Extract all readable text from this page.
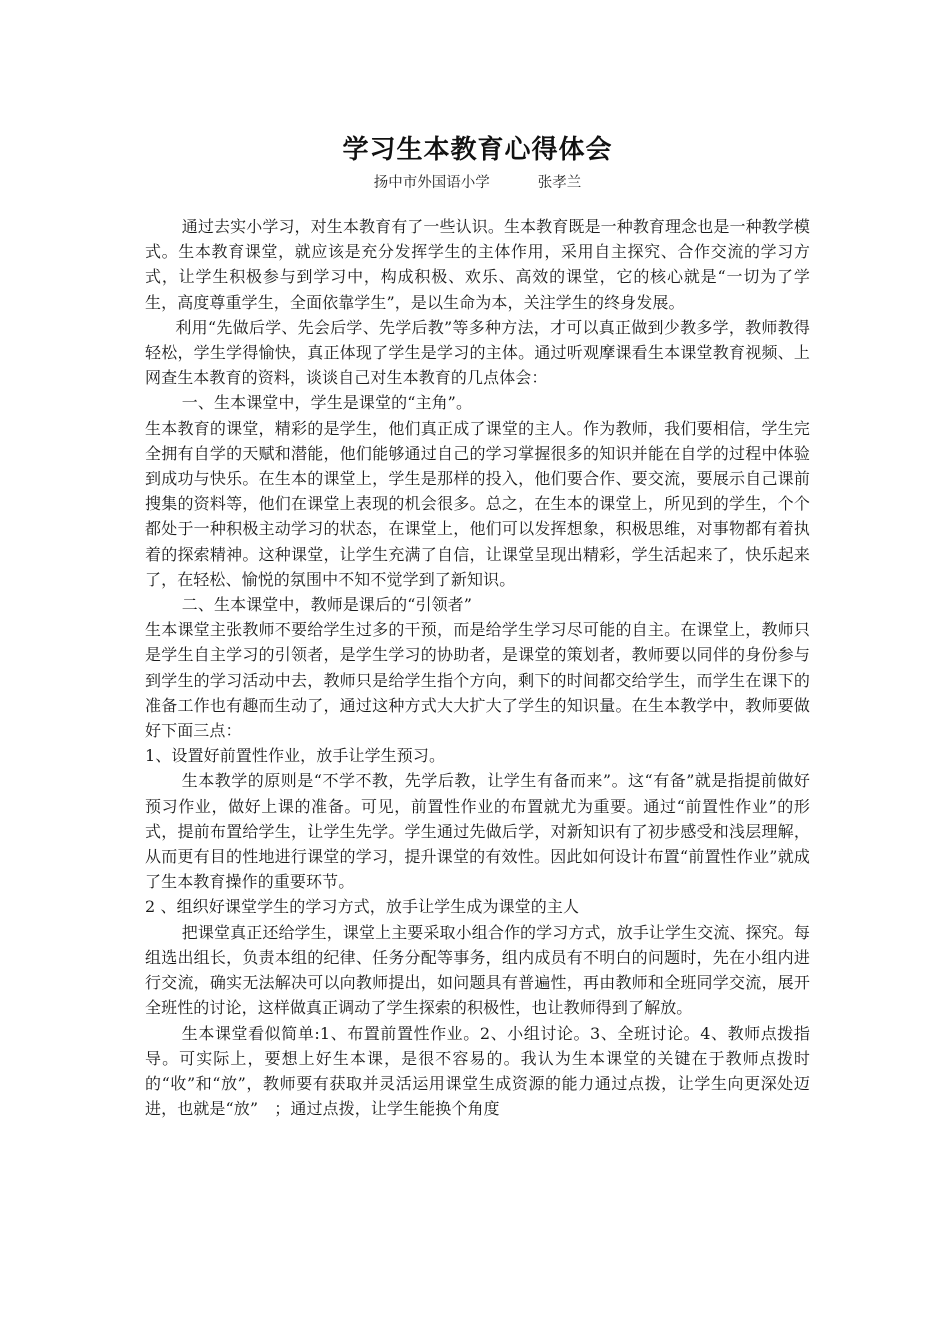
学习生本教育心得体会

扬中市外国语小学	张孝兰

通过去实小学习，对生本教育有了一些认识。生本教育既是一种教育理念也是一种教学模式。生本教育课堂，就应该是充分发挥学生的主体作用，采用自主探究、合作交流的学习方式，让学生积极参与到学习中，构成积极、欢乐、高效的课堂，它的核心就是“一切为了学生，高度尊重学生，全面依靠学生”，是以生命为本，关注学生的终身发展。

利用“先做后学、先会后学、先学后教”等多种方法，才可以真正做到少教多学，教师教得轻松，学生学得愉快，真正体现了学生是学习的主体。通过听观摩课看生本课堂教育视频、上网查生本教育的资料，谈谈自己对生本教育的几点体会：

一、生本课堂中，学生是课堂的“主角”。

生本教育的课堂，精彩的是学生，他们真正成了课堂的主人。作为教师，我们要相信，学生完全拥有自学的天赋和潜能，他们能够通过自己的学习掌握很多的知识并能在自学的过程中体验到成功与快乐。在生本的课堂上，学生是那样的投入，他们要合作、要交流，要展示自己课前搜集的资料等，他们在课堂上表现的机会很多。总之，在生本的课堂上，所见到的学生，个个都处于一种积极主动学习的状态，在课堂上，他们可以发挥想象，积极思维，对事物都有着执着的探索精神。这种课堂，让学生充满了自信，让课堂呈现出精彩，学生活起来了，快乐起来了，在轻松、愉悦的氛围中不知不觉学到了新知识。

二、生本课堂中，教师是课后的“引领者”

生本课堂主张教师不要给学生过多的干预，而是给学生学习尽可能的自主。在课堂上，教师只是学生自主学习的引领者，是学生学习的协助者，是课堂的策划者，教师要以同伴的身份参与到学生的学习活动中去，教师只是给学生指个方向，剩下的时间都交给学生，而学生在课下的准备工作也有趣而生动了，通过这种方式大大扩大了学生的知识量。在生本教学中，教师要做好下面三点：

1、设置好前置性作业，放手让学生预习。

生本教学的原则是“不学不教，先学后教，让学生有备而来”。这“有备”就是指提前做好预习作业，做好上课的准备。可见，前置性作业的布置就尤为重要。通过“前置性作业”的形式，提前布置给学生，让学生先学。学生通过先做后学，对新知识有了初步感受和浅层理解，从而更有目的性地进行课堂的学习，提升课堂的有效性。因此如何设计布置“前置性作业”就成了生本教育操作的重要环节。

2 、组织好课堂学生的学习方式，放手让学生成为课堂的主人

把课堂真正还给学生，课堂上主要采取小组合作的学习方式，放手让学生交流、探究。每组选出组长，负责本组的纪律、任务分配等事务，组内成员有不明白的问题时，先在小组内进行交流，确实无法解决可以向教师提出，如问题具有普遍性，再由教师和全班同学交流，展开全班性的讨论，这样做真正调动了学生探索的积极性，也让教师得到了解放。

生本课堂看似简单:1、布置前置性作业。2、小组讨论。3、全班讨论。4、教师点拨指导。可实际上，要想上好生本课，是很不容易的。我认为生本课堂的关键在于教师点拨时的“收”和“放”，教师要有获取并灵活运用课堂生成资源的能力通过点拨，让学生向更深处迈进，也就是“放”　；通过点拨，让学生能换个角度
